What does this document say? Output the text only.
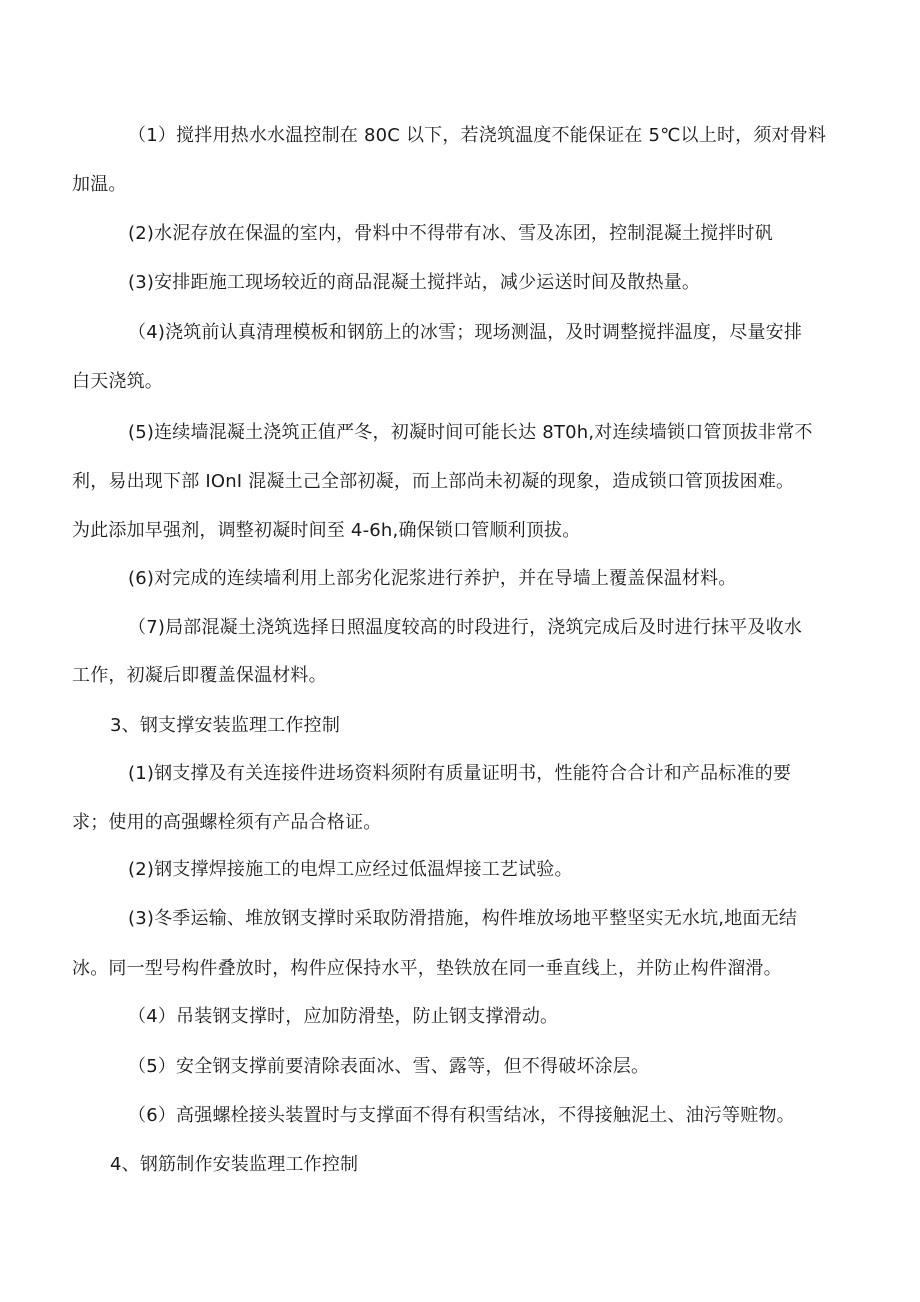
（1）搅拌用热水水温控制在 80C 以下，若浇筑温度不能保证在 5℃以上时，须对骨料
加温。
(2)水泥存放在保温的室内，骨料中不得带有冰、雪及冻团，控制混凝土搅拌时矾
(3)安排距施工现场较近的商品混凝土搅拌站，减少运送时间及散热量。
（4)浇筑前认真清理模板和钢筋上的冰雪；现场测温，及时调整搅拌温度，尽量安排
白天浇筑。
(5)连续墙混凝土浇筑正值严冬，初凝时间可能长达 8T0h,对连续墙锁口管顶拔非常不
利，易出现下部 IOnI 混凝土己全部初凝，而上部尚未初凝的现象，造成锁口管顶拔困难。
为此添加早强剂，调整初凝时间至 4-6h,确保锁口管顺利顶拔。
(6)对完成的连续墙利用上部劣化泥浆进行养护，并在导墙上覆盖保温材料。
（7)局部混凝土浇筑选择日照温度较高的时段进行，浇筑完成后及时进行抹平及收水
工作，初凝后即覆盖保温材料。
3、钢支撑安装监理工作控制
(1)钢支撑及有关连接件进场资料须附有质量证明书，性能符合合计和产品标准的要
求；使用的高强螺栓须有产品合格证。
(2)钢支撑焊接施工的电焊工应经过低温焊接工艺试验。
(3)冬季运输、堆放钢支撑时采取防滑措施，构件堆放场地平整坚实无水坑,地面无结
冰。同一型号构件叠放时，构件应保持水平，垫铁放在同一垂直线上，并防止构件溜滑。
（4）吊装钢支撑时，应加防滑垫，防止钢支撑滑动。
（5）安全钢支撑前要清除表面冰、雪、露等，但不得破坏涂层。
（6）高强螺栓接头装置时与支撑面不得有积雪结冰，不得接触泥土、油污等赃物。
4、钢筋制作安装监理工作控制
